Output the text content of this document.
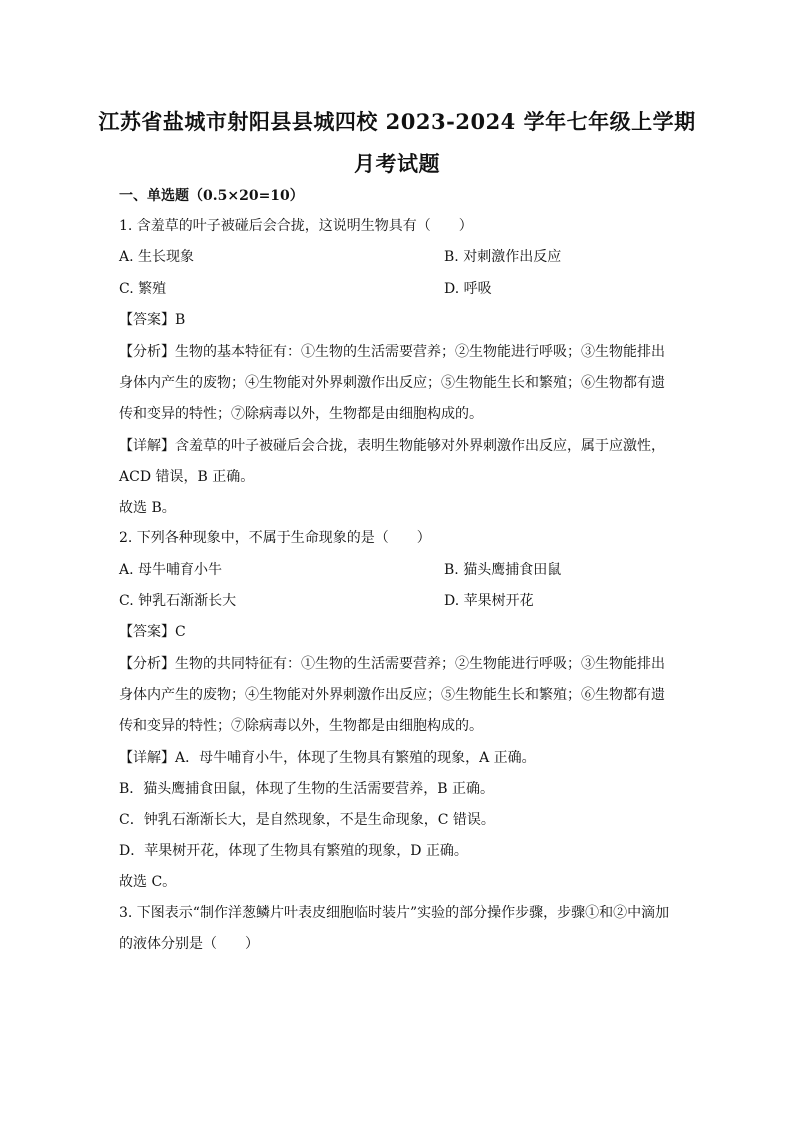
江苏省盐城市射阳县县城四校 2023-2024 学年七年级上学期
月考试题
一、单选题（0.5×20=10）
1. 含羞草的叶子被碰后会合拢，这说明生物具有（　　）
A. 生长现象	B. 对刺激作出反应
C. 繁殖	D. 呼吸
【答案】B
【分析】生物的基本特征有：①生物的生活需要营养；②生物能进行呼吸；③生物能排出
身体内产生的废物；④生物能对外界刺激作出反应；⑤生物能生长和繁殖；⑥生物都有遗
传和变异的特性；⑦除病毒以外，生物都是由细胞构成的。
【详解】含羞草的叶子被碰后会合拢，表明生物能够对外界刺激作出反应，属于应激性，
ACD 错误，B 正确。
故选 B。
2. 下列各种现象中，不属于生命现象的是（　　）
A. 母牛哺育小牛	B. 猫头鹰捕食田鼠
C. 钟乳石渐渐长大	D. 苹果树开花
【答案】C
【分析】生物的共同特征有：①生物的生活需要营养；②生物能进行呼吸；③生物能排出
身体内产生的废物；④生物能对外界刺激作出反应；⑤生物能生长和繁殖；⑥生物都有遗
传和变异的特性；⑦除病毒以外，生物都是由细胞构成的。
【详解】A．母牛哺育小牛，体现了生物具有繁殖的现象，A 正确。
B．猫头鹰捕食田鼠，体现了生物的生活需要营养，B 正确。
C．钟乳石渐渐长大，是自然现象，不是生命现象，C 错误。
D．苹果树开花，体现了生物具有繁殖的现象，D 正确。
故选 C。
3. 下图表示“制作洋葱鳞片叶表皮细胞临时装片”实验的部分操作步骤，步骤①和②中滴加
的液体分别是（　　）
